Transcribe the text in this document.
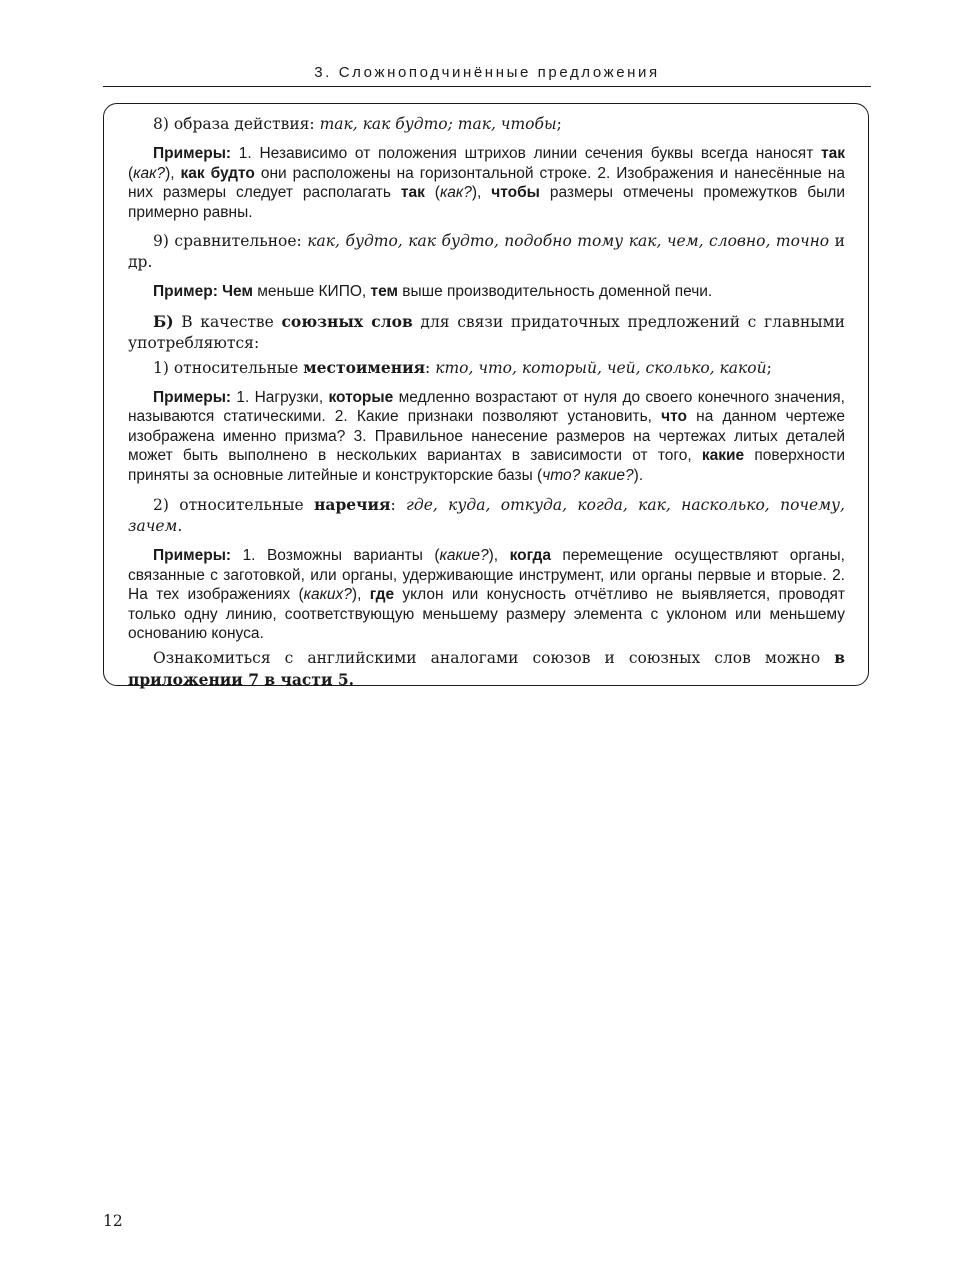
3. Сложноподчинённые предложения

8) образа действия: так, как будто; так, чтобы;

Примеры: 1. Независимо от положения штрихов линии сечения буквы всегда наносят так (как?), как будто они расположены на горизонтальной строке. 2. Изображения и нанесённые на них размеры следует располагать так (как?), чтобы размеры отмечены промежутков были примерно равны.

9) сравнительное: как, будто, как будто, подобно тому как, чем, словно, точно и др.

Пример: Чем меньше КИПО, тем выше производительность доменной печи.

Б) В качестве союзных слов для связи придаточных предложений с главными употребляются:

1) относительные местоимения: кто, что, который, чей, сколько, какой;

Примеры: 1. Нагрузки, которые медленно возрастают от нуля до своего конечного значения, называются статическими. 2. Какие признаки позволяют установить, что на данном чертеже изображена именно призма? 3. Правильное нанесение размеров на чертежах литых деталей может быть выполнено в нескольких вариантах в зависимости от того, какие поверхности приняты за основные литейные и конструкторские базы (что? какие?).

2) относительные наречия: где, куда, откуда, когда, как, насколько, почему, зачем.

Примеры: 1. Возможны варианты (какие?), когда перемещение осуществляют органы, связанные с заготовкой, или органы, удерживающие инструмент, или органы первые и вторые. 2. На тех изображениях (каких?), где уклон или конусность отчётливо не выявляется, проводят только одну линию, соответствующую меньшему размеру элемента с уклоном или меньшему основанию конуса.

Ознакомиться с английскими аналогами союзов и союзных слов можно в приложении 7 в части 5.

12
